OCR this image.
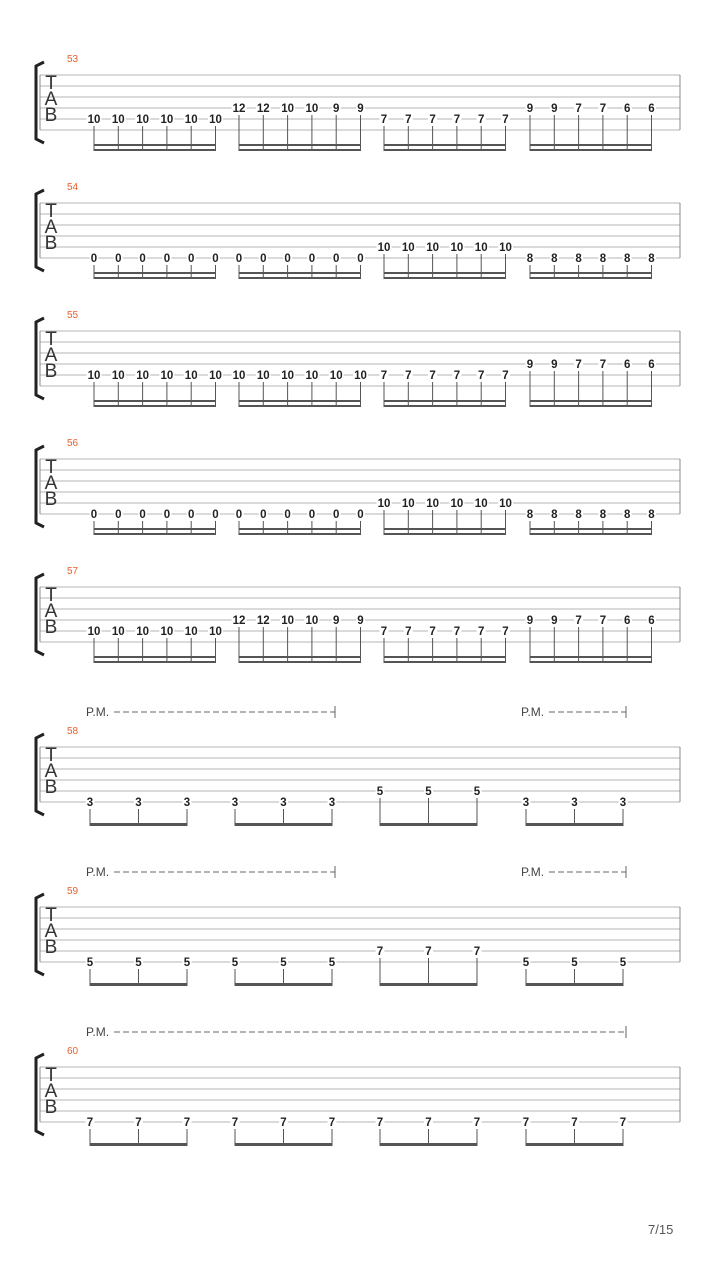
53
T
A
B	10 10 10 10 10 10
12 12 10 10 9 9
7 7 7 7 7 7
9 9 7 7 6 6
54
T
A
B
0 0 0 0 0 0 0 0 0 0 0 0
10 10 10 10 10 10
8 8 8 8 8 8
55
T
A
B	10 10 10 10 10 10 10 10 10 10 10 10 7 7 7 7 7 7
9 9 7 7 6 6
56
T
A
B
0 0 0 0 0 0 0 0 0 0 0 0
10 10 10 10 10 10
8 8 8 8 8 8
57
T
A
B	10 10 10 10 10 10
12 12 10 10 9 9
7 7 7 7 7 7
9 9 7 7 6 6
P.M.	P.M.
58
T
A
B
3	3	3	3	3	3
5	5	5
3	3	3
P.M.	P.M.
59
T
A
B
5	5	5	5	5	5
7	7	7
5	5	5
P.M.
60
T
A
B
7	7	7	7	7	7	7	7	7	7	7	7
7/15
